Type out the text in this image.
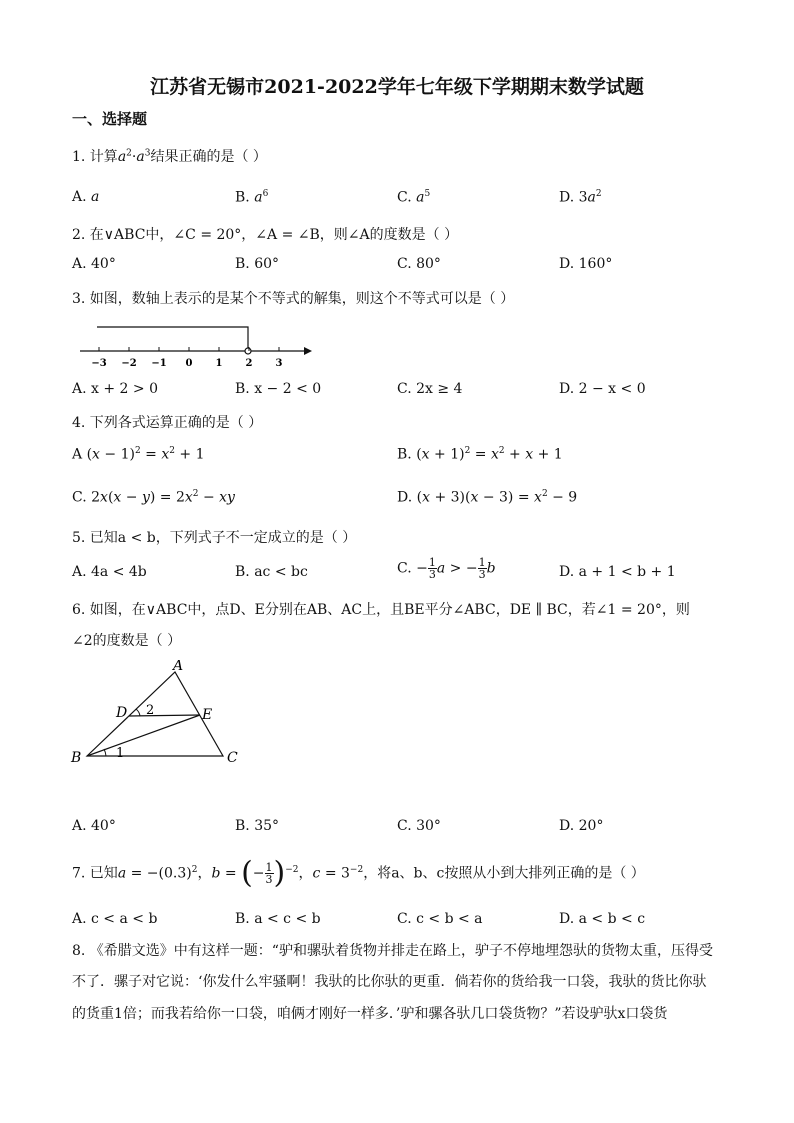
江苏省无锡市2021-2022学年七年级下学期期末数学试题
一、选择题
1. 计算$a^2\cdot a^3$结果正确的是（ ）
A. a	B. $a^6$	C. $a^5$	D. $3a^2$
2. 在∨ABC中，∠C = 20°，∠A = ∠B，则∠A的度数是（ ）
A. 40°	B. 60°	C. 80°	D. 160°
3. 如图，数轴上表示的是某个不等式的解集，则这个不等式可以是（ ）
−3 −2 −1 0 1 2 3
A. x + 2 > 0	B. x − 2 < 0	C. 2x ≥ 4	D. 2 − x < 0
4. 下列各式运算正确的是（ ）
A $(x - 1)^2 = x^2 + 1$	B. $(x + 1)^2 = x^2 + x + 1$
C. $2x(x - y) = 2x^2$ − xy	D. $(x + 3)(x - 3) = x^2 - 9$
5. 已知a < b，下列式子不一定成立的是（ ）
A. 4a < 4b	B. ac < bc	C. − $\frac{1}{3}$ a > − $\frac{1}{3}$ b	D. a + 1 < b + 1
6. 如图，在∨ABC中，点D、E分别在AB、AC上，且BE平分∠ABC，DE ∥ BC，若∠1 = 20°，则
∠2的度数是（ ）
A
B	C
D	E
1
2
A. 40°	B. 35°	C. 30°	D. 20°
7. 已知$a = -(0.3)^2$，b = (− $\frac{1}{3} )^{-2}$，$c = 3^{-2}$，将a、b、c按照从小到大排列正确的是（ ）
A. c < a < b	B. a < c < b	C. c < b < a	D. a < b < c
8. 《希腊文选》中有这样一题：“驴和骡驮着货物并排走在路上，驴子不停地埋怨驮的货物太重，压得受
不了．骡子对它说：‘你发什么牢骚啊！我驮的比你驮的更重．倘若你的货给我一口袋，我驮的货比你驮
的货重1倍；而我若给你一口袋，咱俩才刚好一样多．’驴和骡各驮几口袋货物？”若设驴驮x口袋货
